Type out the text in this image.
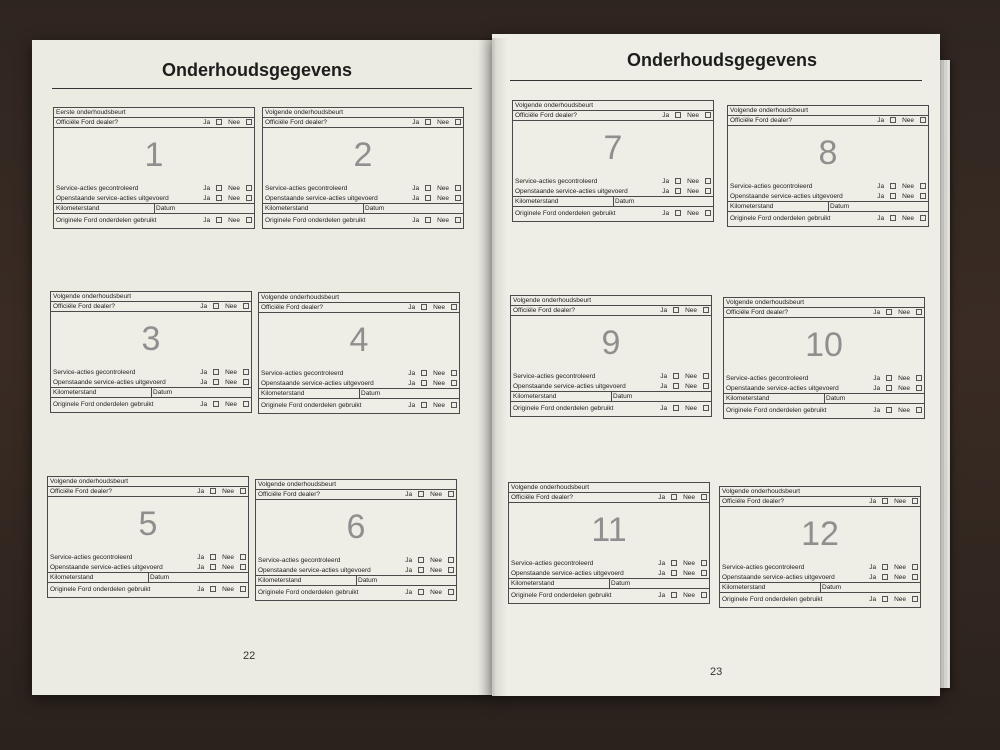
Onderhoudsgegevens
22
Onderhoudsgegevens
23
Eerste onderhoudsbeurt
Officiële Ford dealer?	Ja	Nee
1
Service-acties gecontroleerd	Ja	Nee
Openstaande service-acties uitgevoerd	Ja	Nee
Kilometerstand	Datum
Originele Ford onderdelen gebruikt	Ja	Nee
Volgende onderhoudsbeurt
Officiële Ford dealer?	Ja	Nee
2
Service-acties gecontroleerd	Ja	Nee
Openstaande service-acties uitgevoerd	Ja	Nee
Kilometerstand	Datum
Originele Ford onderdelen gebruikt	Ja	Nee
Volgende onderhoudsbeurt
Officiële Ford dealer?	Ja	Nee
3
Service-acties gecontroleerd	Ja	Nee
Openstaande service-acties uitgevoerd	Ja	Nee
Kilometerstand	Datum
Originele Ford onderdelen gebruikt	Ja	Nee
Volgende onderhoudsbeurt
Officiële Ford dealer?	Ja	Nee
4
Service-acties gecontroleerd	Ja	Nee
Openstaande service-acties uitgevoerd	Ja	Nee
Kilometerstand	Datum
Originele Ford onderdelen gebruikt	Ja	Nee
Volgende onderhoudsbeurt
Officiële Ford dealer?	Ja	Nee
5
Service-acties gecontroleerd	Ja	Nee
Openstaande service-acties uitgevoerd	Ja	Nee
Kilometerstand	Datum
Originele Ford onderdelen gebruikt	Ja	Nee
Volgende onderhoudsbeurt
Officiële Ford dealer?	Ja	Nee
6
Service-acties gecontroleerd	Ja	Nee
Openstaande service-acties uitgevoerd	Ja	Nee
Kilometerstand	Datum
Originele Ford onderdelen gebruikt	Ja	Nee
Volgende onderhoudsbeurt
Officiële Ford dealer?	Ja	Nee
7
Service-acties gecontroleerd	Ja	Nee
Openstaande service-acties uitgevoerd	Ja	Nee
Kilometerstand	Datum
Originele Ford onderdelen gebruikt	Ja	Nee
Volgende onderhoudsbeurt
Officiële Ford dealer?	Ja	Nee
8
Service-acties gecontroleerd	Ja	Nee
Openstaande service-acties uitgevoerd	Ja	Nee
Kilometerstand	Datum
Originele Ford onderdelen gebruikt	Ja	Nee
Volgende onderhoudsbeurt
Officiële Ford dealer?	Ja	Nee
9
Service-acties gecontroleerd	Ja	Nee
Openstaande service-acties uitgevoerd	Ja	Nee
Kilometerstand	Datum
Originele Ford onderdelen gebruikt	Ja	Nee
Volgende onderhoudsbeurt
Officiële Ford dealer?	Ja	Nee
10
Service-acties gecontroleerd	Ja	Nee
Openstaande service-acties uitgevoerd	Ja	Nee
Kilometerstand	Datum
Originele Ford onderdelen gebruikt	Ja	Nee
Volgende onderhoudsbeurt
Officiële Ford dealer?	Ja	Nee
11
Service-acties gecontroleerd	Ja	Nee
Openstaande service-acties uitgevoerd	Ja	Nee
Kilometerstand	Datum
Originele Ford onderdelen gebruikt	Ja	Nee
Volgende onderhoudsbeurt
Officiële Ford dealer?	Ja	Nee
12
Service-acties gecontroleerd	Ja	Nee
Openstaande service-acties uitgevoerd	Ja	Nee
Kilometerstand	Datum
Originele Ford onderdelen gebruikt	Ja	Nee
